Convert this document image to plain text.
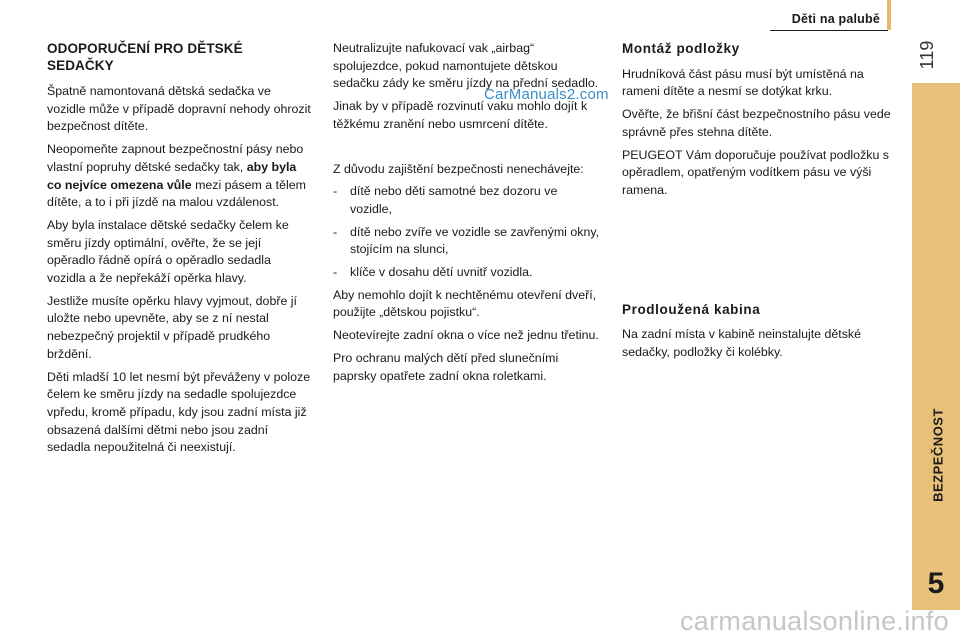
Děti na palubě
119
BEZPEČNOST
5
ODOPORUČENÍ PRO DĚTSKÉ SEDAČKY

Špatně namontovaná dětská sedačka ve vozidle může v případě dopravní nehody ohrozit bezpečnost dítěte.

Neopomeňte zapnout bezpečnostní pásy nebo vlastní popruhy dětské sedačky tak, aby byla co nejvíce omezena vůle mezi pásem a tělem dítěte, a to i při jízdě na malou vzdálenost.

Aby byla instalace dětské sedačky čelem ke směru jízdy optimální, ověřte, že se její opěradlo řádně opírá o opěradlo sedadla vozidla a že nepřekáží opěrka hlavy.

Jestliže musíte opěrku hlavy vyjmout, dobře jí uložte nebo upevněte, aby se z ní nestal nebezpečný projektil v případě prudkého brždění.

Děti mladší 10 let nesmí být převáženy v poloze čelem ke směru jízdy na sedadle spolujezdce vpředu, kromě případu, kdy jsou zadní místa již obsazená dalšími dětmi nebo jsou zadní sedadla nepoužitelná či neexistují.

Neutralizujte nafukovací vak „airbag“ spolujezdce, pokud namontujete dětskou sedačku zády ke směru jízdy na přední sedadlo.

Jinak by v případě rozvinutí vaku mohlo dojít k těžkému zranění nebo usmrcení dítěte.

Z důvodu zajištění bezpečnosti nenechávejte:

-	dítě nebo děti samotné bez dozoru ve vozidle,
-	dítě nebo zvíře ve vozidle se zavřenými okny, stojícím na slunci,
-	klíče v dosahu dětí uvnitř vozidla.

Aby nemohlo dojít k nechtěnému otevření dveří, použijte „dětskou pojistku“.

Neotevírejte zadní okna o více než jednu třetinu.

Pro ochranu malých dětí před slunečními paprsky opatřete zadní okna roletkami.

Montáž podložky

Hrudníková část pásu musí být umístěná na rameni dítěte a nesmí se dotýkat krku.

Ověřte, že břišní část bezpečnostního pásu vede správně přes stehna dítěte.

PEUGEOT Vám doporučuje používat podložku s opěradlem, opatřeným vodítkem pásu ve výši ramena.

Prodloužená kabina

Na zadní místa v kabině neinstalujte dětské sedačky, podložky či kolébky.

CarManuals2.com
carmanualsonline.info
